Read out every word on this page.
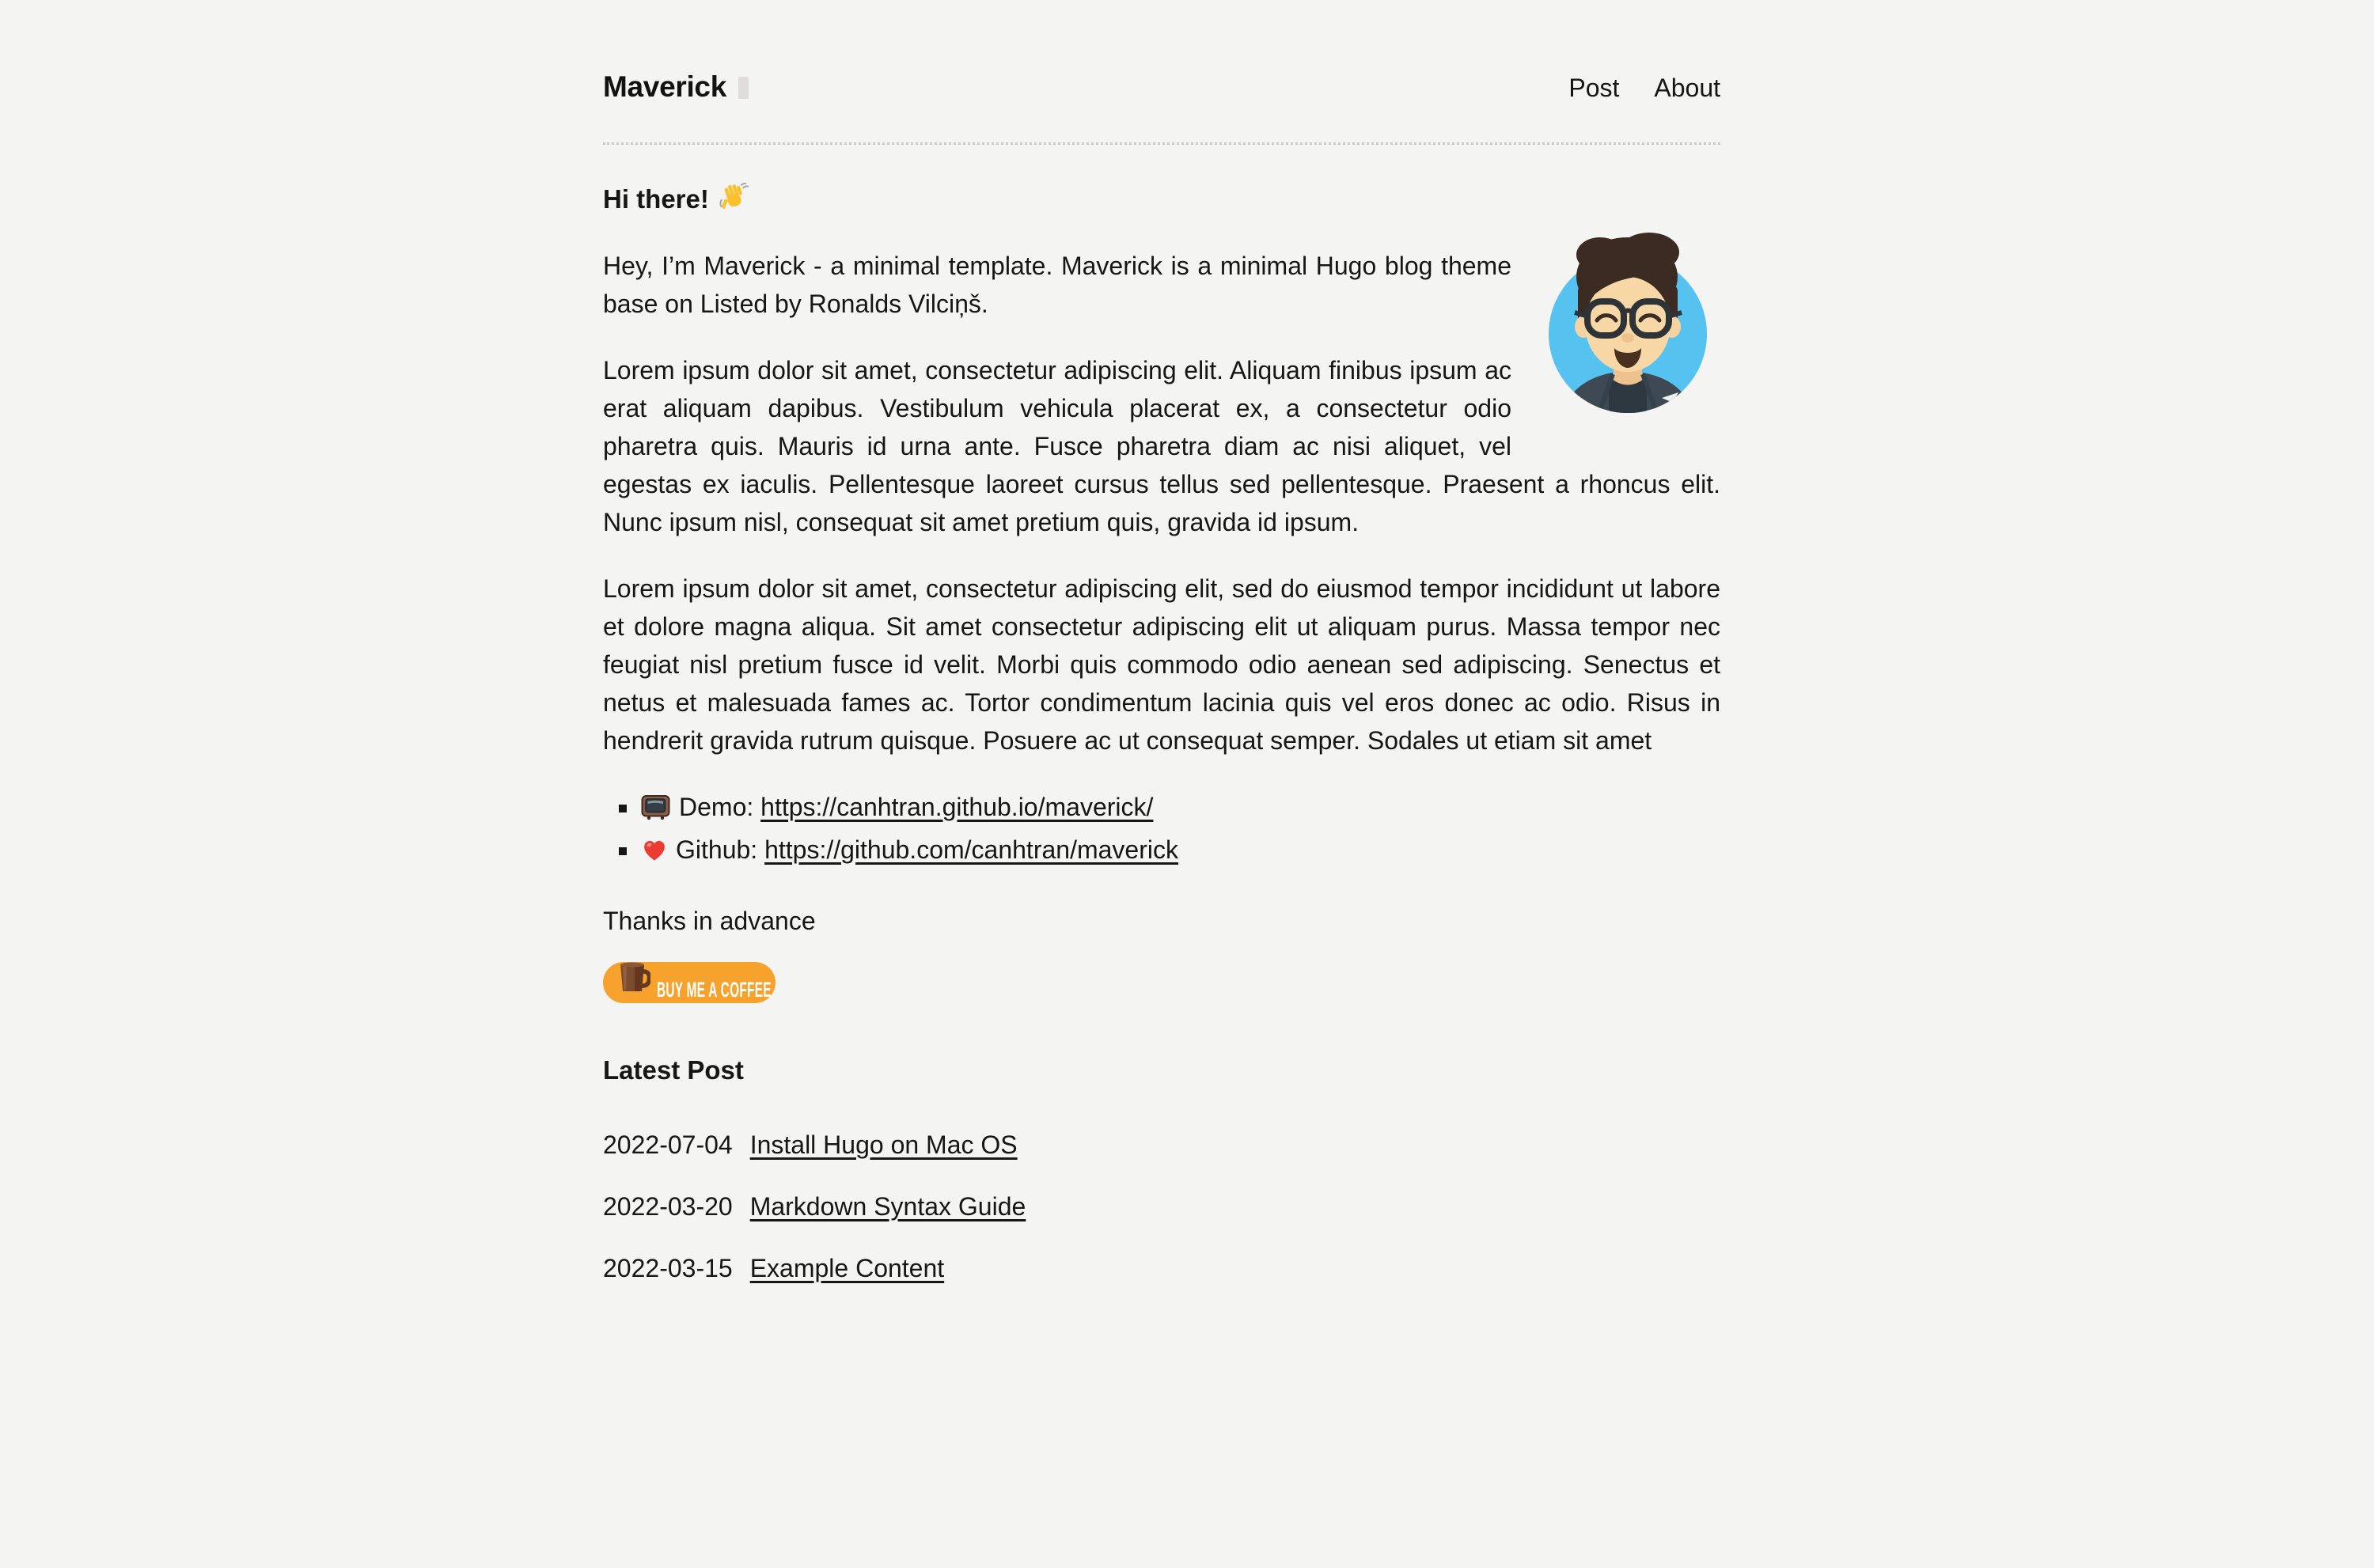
Maverick	Post About
Hi there!

Hey, I’m Maverick - a minimal template. Maverick is a minimal Hugo blog theme base on Listed by Ronalds Vilciņš.

Lorem ipsum dolor sit amet, consectetur adipiscing elit. Aliquam finibus ipsum ac erat aliquam dapibus. Vestibulum vehicula placerat ex, a consectetur odio pharetra quis. Mauris id urna ante. Fusce pharetra diam ac nisi aliquet, vel egestas ex iaculis. Pellentesque laoreet cursus tellus sed pellentesque. Praesent a rhoncus elit. Nunc ipsum nisl, consequat sit amet pretium quis, gravida id ipsum.

Lorem ipsum dolor sit amet, consectetur adipiscing elit, sed do eiusmod tempor incididunt ut labore et dolore magna aliqua. Sit amet consectetur adipiscing elit ut aliquam purus. Massa tempor nec feugiat nisl pretium fusce id velit. Morbi quis commodo odio aenean sed adipiscing. Senectus et netus et malesuada fames ac. Tortor condimentum lacinia quis vel eros donec ac odio. Risus in hendrerit gravida rutrum quisque. Posuere ac ut consequat semper. Sodales ut etiam sit amet

▪ Demo: https://canhtran.github.io/maverick/
▪ Github: https://github.com/canhtran/maverick

Thanks in advance

BUY ME A COFFEE
Latest Post
2022-07-04 Install Hugo on Mac OS
2022-03-20 Markdown Syntax Guide
2022-03-15 Example Content
